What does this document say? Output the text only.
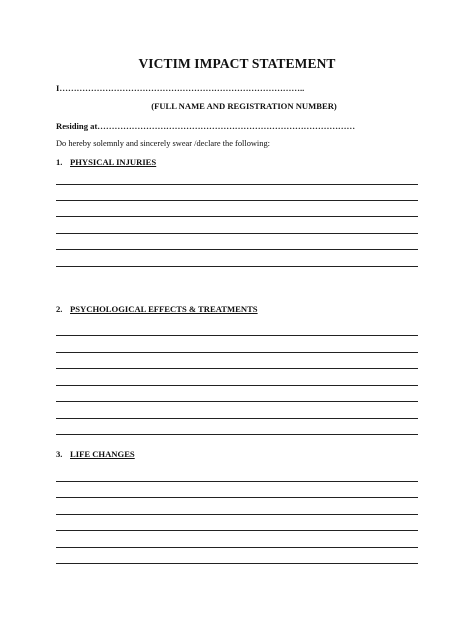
VICTIM IMPACT STATEMENT
I…………………………………………………………………………..
(FULL NAME AND REGISTRATION NUMBER)
Residing at………………………………………………………………………………
Do hereby solemnly and sincerely swear /declare the following:
1. PHYSICAL INJURIES
2. PSYCHOLOGICAL EFFECTS & TREATMENTS
3. LIFE CHANGES
